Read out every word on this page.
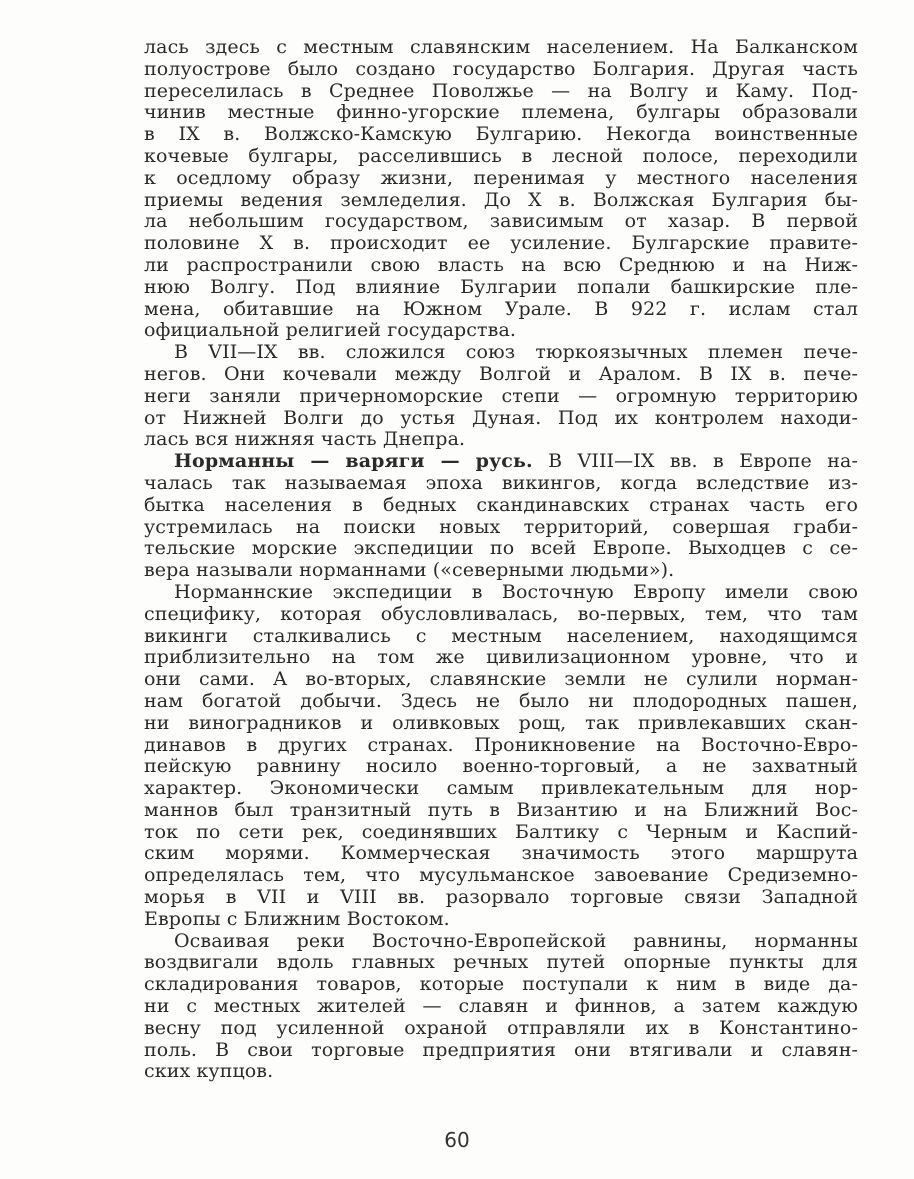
лась здесь с местным славянским населением. На Балканском
полуострове было создано государство Болгария. Другая часть
переселилась в Среднее Поволжье — на Волгу и Каму. Под-
чинив местные финно-угорские племена, булгары образовали
в IX в. Волжско-Камскую Булгарию. Некогда воинственные
кочевые булгары, расселившись в лесной полосе, переходили
к оседлому образу жизни, перенимая у местного населения
приемы ведения земледелия. До X в. Волжская Булгария бы-
ла небольшим государством, зависимым от хазар. В первой
половине X в. происходит ее усиление. Булгарские правите-
ли распространили свою власть на всю Среднюю и на Ниж-
нюю Волгу. Под влияние Булгарии попали башкирские пле-
мена, обитавшие на Южном Урале. В 922 г. ислам стал
официальной религией государства.
В VII—IX вв. сложился союз тюркоязычных племен пече-
негов. Они кочевали между Волгой и Аралом. В IX в. пече-
неги заняли причерноморские степи — огромную территорию
от Нижней Волги до устья Дуная. Под их контролем находи-
лась вся нижняя часть Днепра.
Норманны — варяги — русь. В VIII—IX вв. в Европе на-
чалась так называемая эпоха викингов, когда вследствие из-
бытка населения в бедных скандинавских странах часть его
устремилась на поиски новых территорий, совершая граби-
тельские морские экспедиции по всей Европе. Выходцев с се-
вера называли норманнами («северными людьми»).
Норманнские экспедиции в Восточную Европу имели свою
специфику, которая обусловливалась, во-первых, тем, что там
викинги сталкивались с местным населением, находящимся
приблизительно на том же цивилизационном уровне, что и
они сами. А во-вторых, славянские земли не сулили норман-
нам богатой добычи. Здесь не было ни плодородных пашен,
ни виноградников и оливковых рощ, так привлекавших скан-
динавов в других странах. Проникновение на Восточно-Евро-
пейскую равнину носило военно-торговый, а не захватный
характер. Экономически самым привлекательным для нор-
маннов был транзитный путь в Византию и на Ближний Вос-
ток по сети рек, соединявших Балтику с Черным и Каспий-
ским морями. Коммерческая значимость этого маршрута
определялась тем, что мусульманское завоевание Средиземно-
морья в VII и VIII вв. разорвало торговые связи Западной
Европы с Ближним Востоком.
Осваивая реки Восточно-Европейской равнины, норманны
воздвигали вдоль главных речных путей опорные пункты для
складирования товаров, которые поступали к ним в виде да-
ни с местных жителей — славян и финнов, а затем каждую
весну под усиленной охраной отправляли их в Константино-
поль. В свои торговые предприятия они втягивали и славян-
ских купцов.
60
